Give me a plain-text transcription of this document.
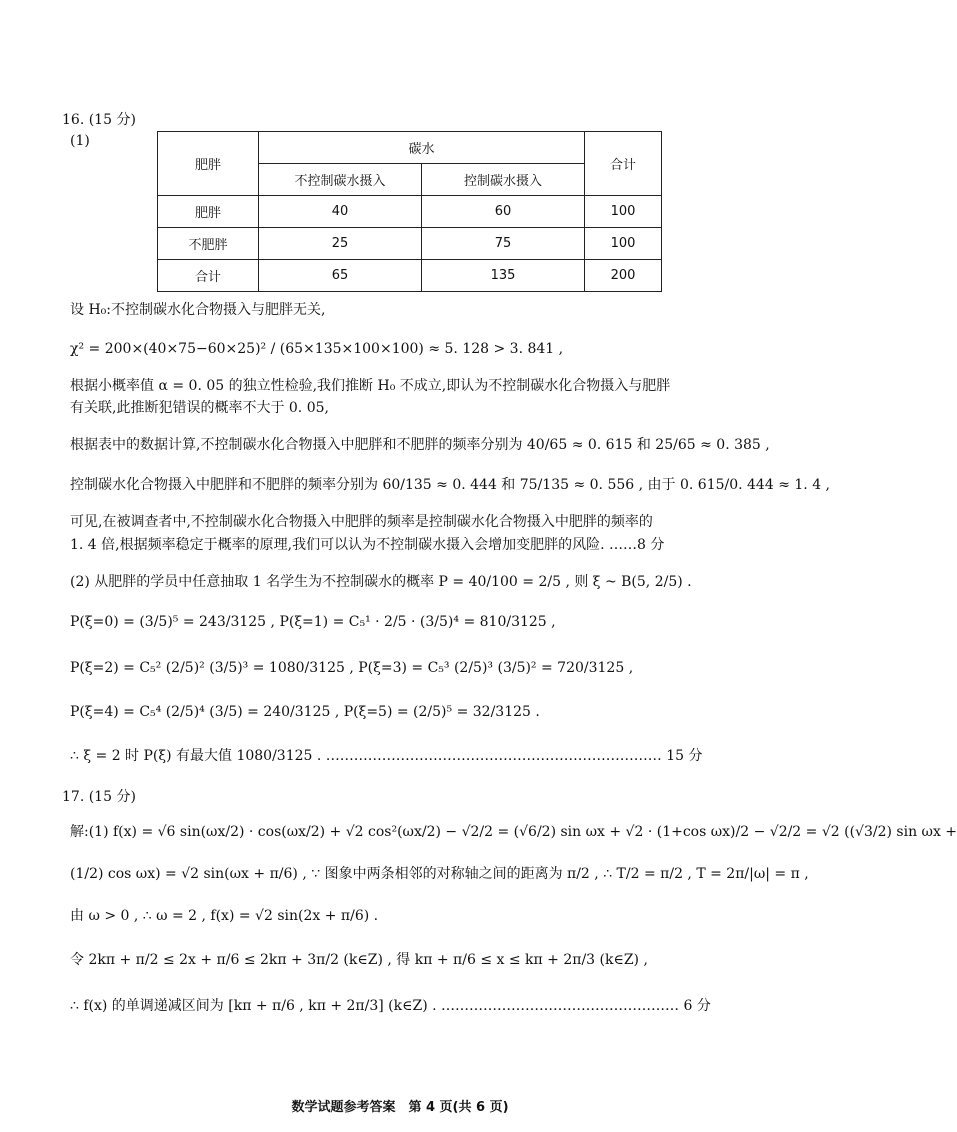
16. (15 分)
(1)
肥胖	碳水		合计
	不控制碳水摄入	控制碳水摄入	
肥胖	40	60	100
不肥胖	25	75	100
合计	65	135	200
设 H₀:不控制碳水化合物摄入与肥胖无关,
χ² = 200×(40×75−60×25)² / (65×135×100×100) ≈ 5. 128 > 3. 841 ,
根据小概率值 α = 0. 05 的独立性检验,我们推断 H₀ 不成立,即认为不控制碳水化合物摄入与肥胖
有关联,此推断犯错误的概率不大于 0. 05,
根据表中的数据计算,不控制碳水化合物摄入中肥胖和不肥胖的频率分别为 40/65 ≈ 0. 615 和 25/65 ≈ 0. 385 ,
控制碳水化合物摄入中肥胖和不肥胖的频率分别为 60/135 ≈ 0. 444 和 75/135 ≈ 0. 556 , 由于 0. 615/0. 444 ≈ 1. 4 ,
可见,在被调查者中,不控制碳水化合物摄入中肥胖的频率是控制碳水化合物摄入中肥胖的频率的
1. 4 倍,根据频率稳定于概率的原理,我们可以认为不控制碳水摄入会增加变肥胖的风险. ……8 分
(2) 从肥胖的学员中任意抽取 1 名学生为不控制碳水的概率 P = 40/100 = 2/5 , 则 ξ ~ B(5, 2/5) .
P(ξ=0) = (3/5)⁵ = 243/3125 , P(ξ=1) = C₅¹ · 2/5 · (3/5)⁴ = 810/3125 ,
P(ξ=2) = C₅² (2/5)² (3/5)³ = 1080/3125 , P(ξ=3) = C₅³ (2/5)³ (3/5)² = 720/3125 ,
P(ξ=4) = C₅⁴ (2/5)⁴ (3/5) = 240/3125 , P(ξ=5) = (2/5)⁵ = 32/3125 .
∴ ξ = 2 时 P(ξ) 有最大值 1080/3125 . ……………………………………………………………… 15 分
17. (15 分)
解:(1) f(x) = √6 sin(ωx/2) · cos(ωx/2) + √2 cos²(ωx/2) − √2/2 = (√6/2) sin ωx + √2 · (1+cos ωx)/2 − √2/2 = √2 ((√3/2) sin ωx +
(1/2) cos ωx) = √2 sin(ωx + π/6) , ∵ 图象中两条相邻的对称轴之间的距离为 π/2 , ∴ T/2 = π/2 , T = 2π/|ω| = π ,
由 ω > 0 , ∴ ω = 2 , f(x) = √2 sin(2x + π/6) .
令 2kπ + π/2 ≤ 2x + π/6 ≤ 2kπ + 3π/2 (k∈Z) , 得 kπ + π/6 ≤ x ≤ kπ + 2π/3 (k∈Z) ,
∴ f(x) 的单调递减区间为 [kπ + π/6 , kπ + 2π/3] (k∈Z) . …………………………………………… 6 分
数学试题参考答案　第 4 页(共 6 页)
